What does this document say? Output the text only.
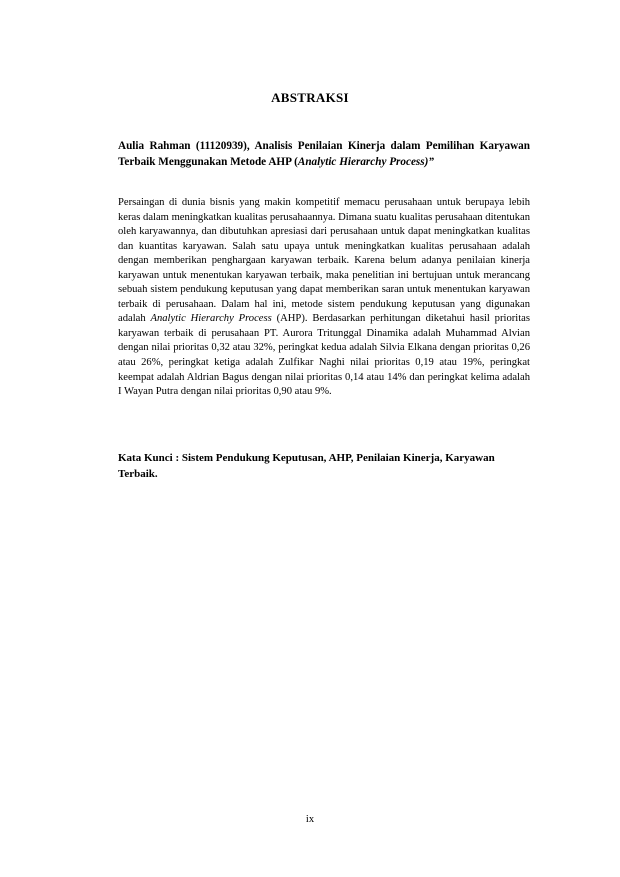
ABSTRAKSI
Aulia Rahman (11120939), Analisis Penilaian Kinerja dalam Pemilihan Karyawan Terbaik Menggunakan Metode AHP (Analytic Hierarchy Process)”
Persaingan di dunia bisnis yang makin kompetitif memacu perusahaan untuk berupaya lebih keras dalam meningkatkan kualitas perusahaannya. Dimana suatu kualitas perusahaan ditentukan oleh karyawannya, dan dibutuhkan apresiasi dari perusahaan untuk dapat meningkatkan kualitas dan kuantitas karyawan. Salah satu upaya untuk meningkatkan kualitas perusahaan adalah dengan memberikan penghargaan karyawan terbaik. Karena belum adanya penilaian kinerja karyawan untuk menentukan karyawan terbaik, maka penelitian ini bertujuan untuk merancang sebuah sistem pendukung keputusan yang dapat memberikan saran untuk menentukan karyawan terbaik di perusahaan. Dalam hal ini, metode sistem pendukung keputusan yang digunakan adalah Analytic Hierarchy Process (AHP). Berdasarkan perhitungan diketahui hasil prioritas karyawan terbaik di perusahaan PT. Aurora Tritunggal Dinamika adalah Muhammad Alvian dengan nilai prioritas 0,32 atau 32%, peringkat kedua adalah Silvia Elkana dengan prioritas 0,26 atau 26%, peringkat ketiga adalah Zulfikar Naghi nilai prioritas 0,19 atau 19%, peringkat keempat adalah Aldrian Bagus dengan nilai prioritas 0,14 atau 14% dan peringkat kelima adalah I Wayan Putra dengan nilai prioritas 0,90 atau 9%.
Kata Kunci : Sistem Pendukung Keputusan, AHP, Penilaian Kinerja, Karyawan Terbaik.
ix
